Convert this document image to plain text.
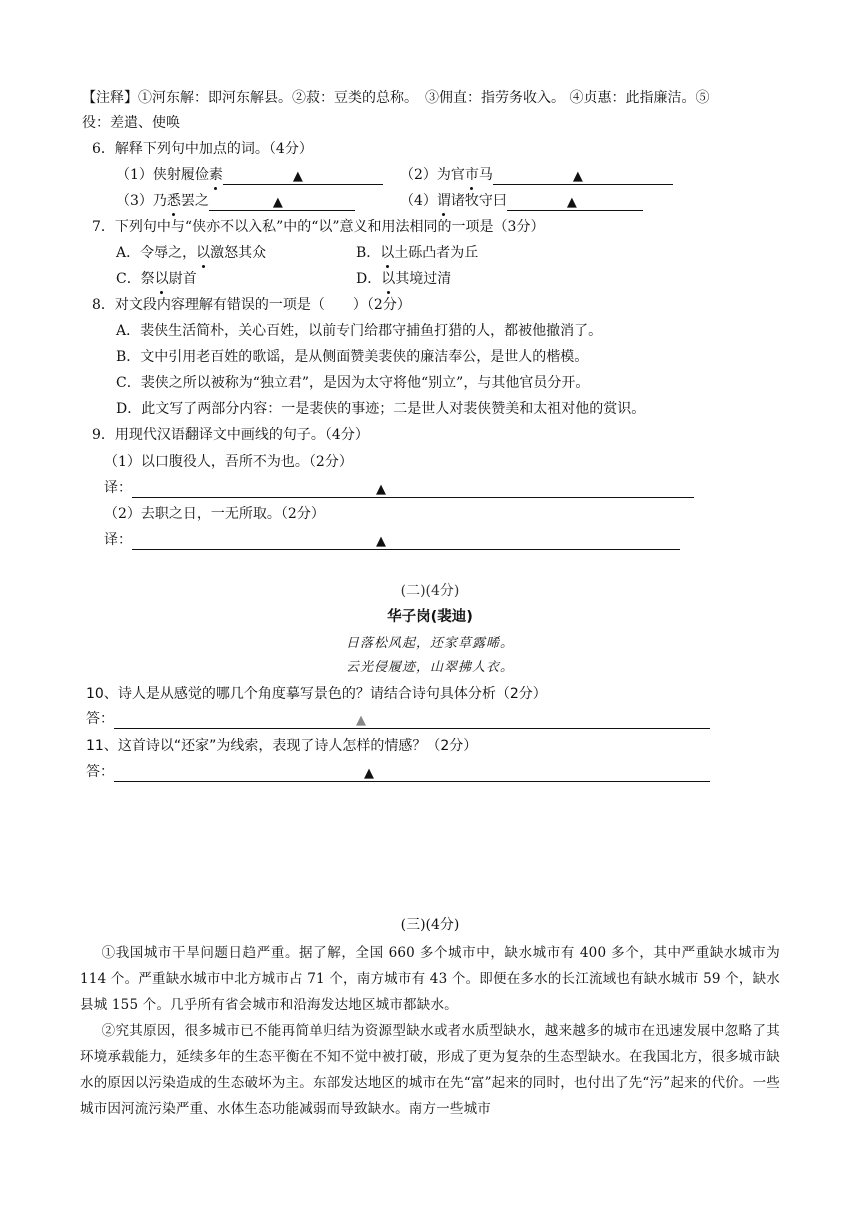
【注释】①河东解：即河东解县。②菽：豆类的总称。　③佣直：指劳务收入。 ④贞惠：此指廉洁。⑤
役：差遣、使唤
6．解释下列句中加点的词。（4分）
（1）侠射履俭素	▲	（2）为官市马	▲
（3）乃悉罢之	▲	（4）谓诸牧守曰	▲
7．下列句中与“侠亦不以入私”中的“以”意义和用法相同的一项是（3分）
A．令辱之，以激怒其众	B．以土砾凸者为丘
C．祭以尉首	D．以其境过清
8．对文段内容理解有错误的一项是（　　）（2分）
A．裴侠生活简朴，关心百姓，以前专门给郡守捕鱼打猎的人，都被他撤消了。
B．文中引用老百姓的歌谣，是从侧面赞美裴侠的廉洁奉公，是世人的楷模。
C．裴侠之所以被称为“独立君”，是因为太守将他“别立”，与其他官员分开。
D．此文写了两部分内容：一是裴侠的事迹；二是世人对裴侠赞美和太祖对他的赏识。
9．用现代汉语翻译文中画线的句子。（4分）
（1）以口腹役人，吾所不为也。（2分）
译：	▲
（2）去职之日，一无所取。（2分）
译：	▲
(二)(4分)
华子岗(裴迪)
日落松风起，还家草露晞。
云光侵履迹，山翠拂人衣。
10、诗人是从感觉的哪几个角度摹写景色的？请结合诗句具体分析（2分）
答：	▲
11、这首诗以“还家”为线索，表现了诗人怎样的情感？（2分）
答：	▲
(三)(4分)

①我国城市干旱问题日趋严重。据了解，全国 660 多个城市中，缺水城市有 400 多个，其中严重缺水城市为 114 个。严重缺水城市中北方城市占 71 个，南方城市有 43 个。即便在多水的长江流域也有缺水城市 59 个，缺水县城 155 个。几乎所有省会城市和沿海发达地区城市都缺水。

②究其原因，很多城市已不能再简单归结为资源型缺水或者水质型缺水，越来越多的城市在迅速发展中忽略了其环境承载能力，延续多年的生态平衡在不知不觉中被打破，形成了更为复杂的生态型缺水。在我国北方，很多城市缺水的原因以污染造成的生态破坏为主。东部发达地区的城市在先“富”起来的同时，也付出了先“污”起来的代价。一些城市因河流污染严重、水体生态功能减弱而导致缺水。南方一些城市
